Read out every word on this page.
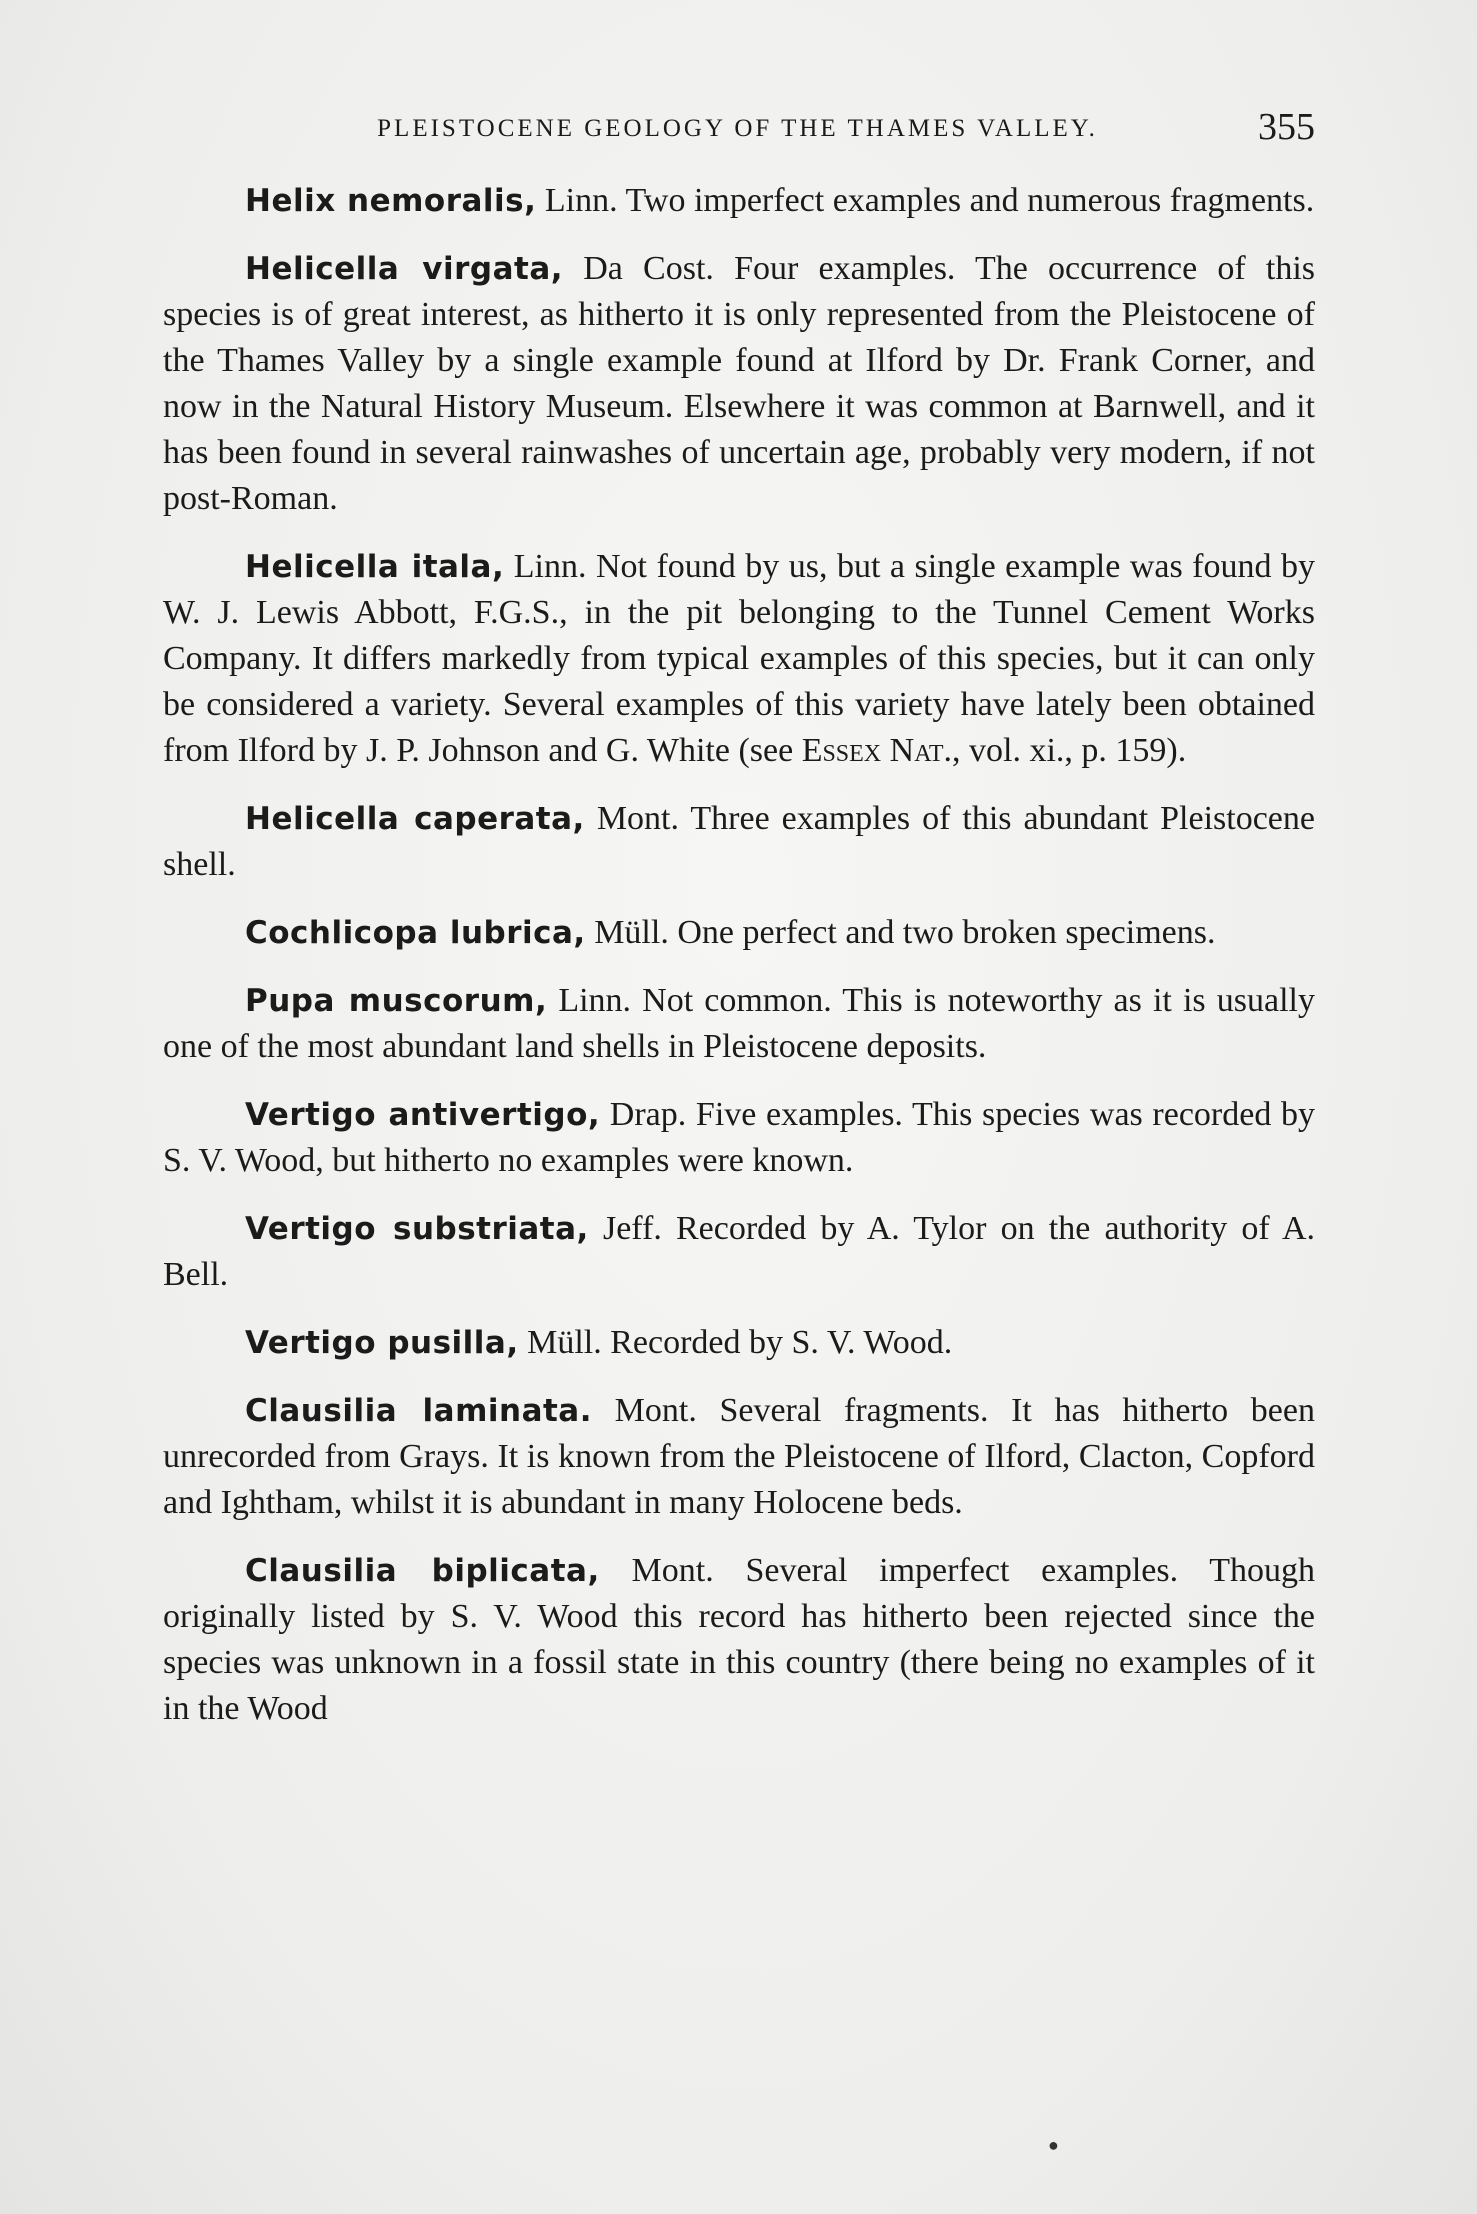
PLEISTOCENE GEOLOGY OF THE THAMES VALLEY.	355

Helix nemoralis, Linn. Two imperfect examples and numerous fragments.

Helicella virgata, Da Cost. Four examples. The occurrence of this species is of great interest, as hitherto it is only represented from the Pleistocene of the Thames Valley by a single example found at Ilford by Dr. Frank Corner, and now in the Natural History Museum. Elsewhere it was common at Barnwell, and it has been found in several rainwashes of uncertain age, probably very modern, if not post-Roman.

Helicella itala, Linn. Not found by us, but a single example was found by W. J. Lewis Abbott, F.G.S., in the pit belonging to the Tunnel Cement Works Company. It differs markedly from typical examples of this species, but it can only be considered a variety. Several examples of this variety have lately been obtained from Ilford by J. P. Johnson and G. White (see Essex Nat., vol. xi., p. 159).

Helicella caperata, Mont. Three examples of this abundant Pleistocene shell.

Cochlicopa lubrica, Müll. One perfect and two broken specimens.

Pupa muscorum, Linn. Not common. This is noteworthy as it is usually one of the most abundant land shells in Pleistocene deposits.

Vertigo antivertigo, Drap. Five examples. This species was recorded by S. V. Wood, but hitherto no examples were known.

Vertigo substriata, Jeff. Recorded by A. Tylor on the authority of A. Bell.

Vertigo pusilla, Müll. Recorded by S. V. Wood.

Clausilia laminata. Mont. Several fragments. It has hitherto been unrecorded from Grays. It is known from the Pleistocene of Ilford, Clacton, Copford and Ightham, whilst it is abundant in many Holocene beds.

Clausilia biplicata, Mont. Several imperfect examples. Though originally listed by S. V. Wood this record has hitherto been rejected since the species was unknown in a fossil state in this country (there being no examples of it in the Wood

●
